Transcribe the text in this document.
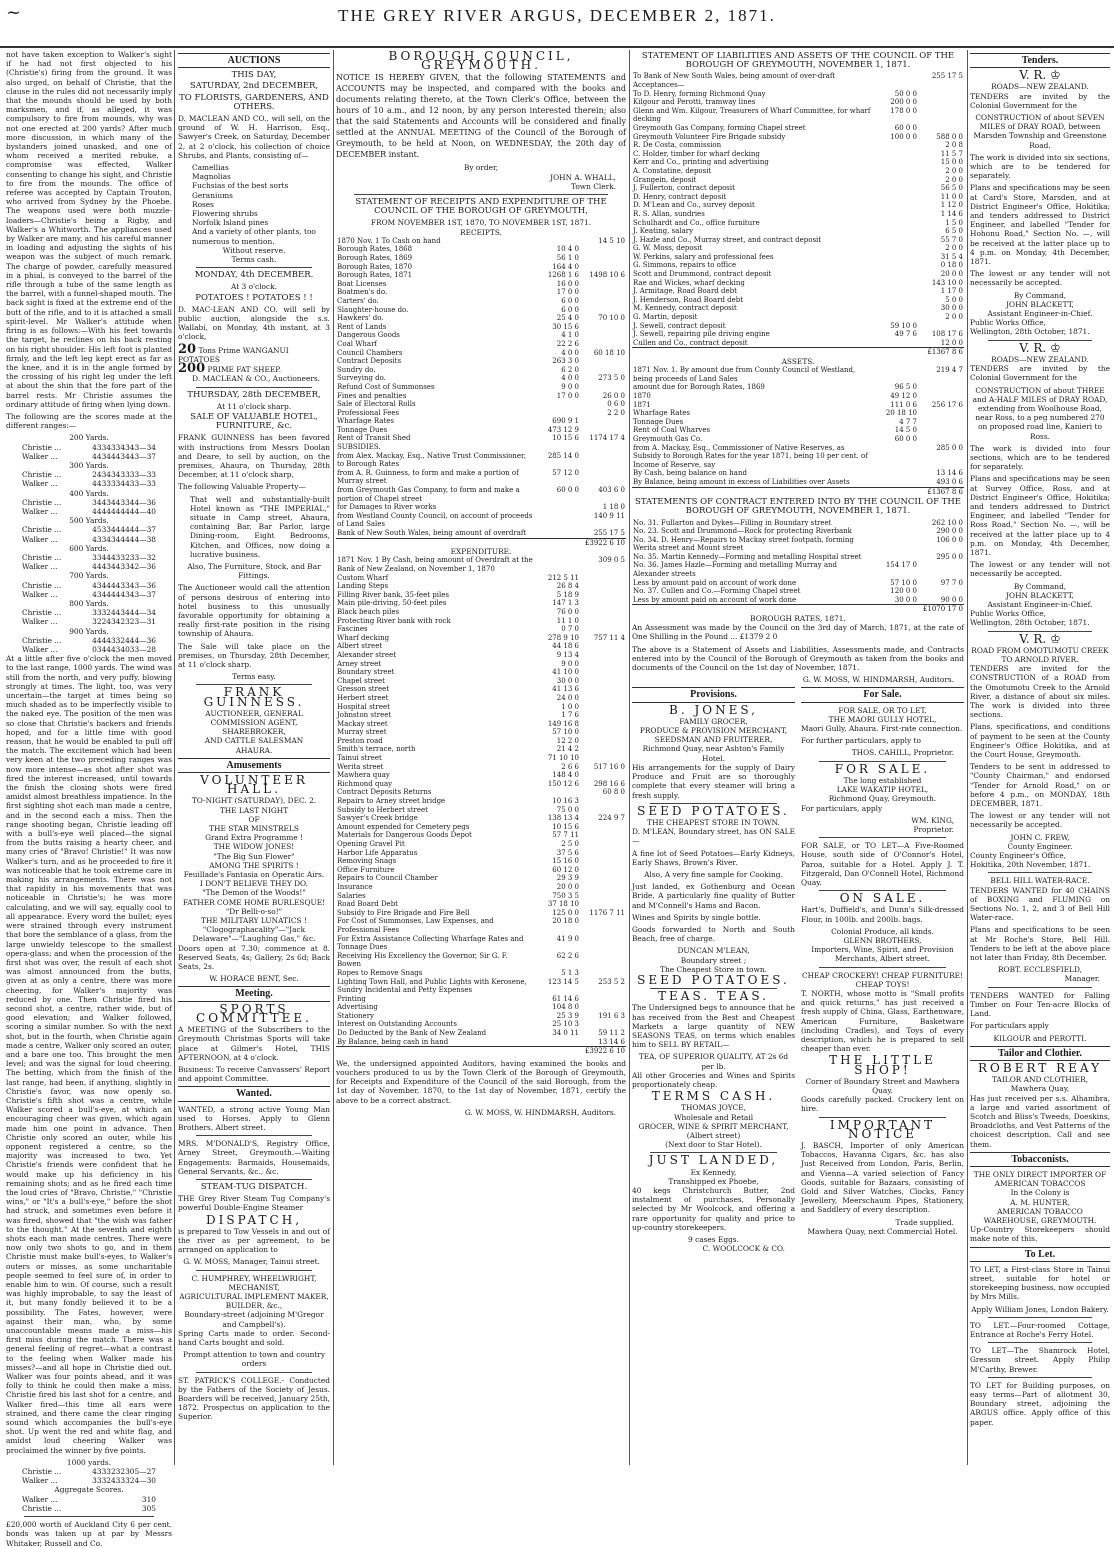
~	THE GREY RIVER ARGUS, DECEMBER 2, 1871.

not have taken exception to Walker's sight if he had not first objected to his (Christie's) firing from the ground. It was also urged, on behalf of Christie, that the clause in the rules did not necessarily imply that the mounds should be used by both marksmen, and if, as alleged, it was compulsory to fire from mounds, why was not one erected at 200 yards? After much more discussion, in which many of the bystanders joined unasked, and one of whom received a merited rebuke, a compromise was effected, Walker consenting to change his sight, and Christie to fire from the mounds. The office of referee was accepted by Captain Trouton, who arrived from Sydney by the Phoebe. The weapons used were both muzzle-loaders—Christie's being a Rigby, and Walker's a Whitworth. The appliances used by Walker are many, and his careful manner in loading and adjusting the sights of his weapon was the subject of much remark. The charge of powder, carefully measured in a phial, is conveyed to the barrel of the rifle through a tube of the same length as the barrel, with a funnel-shaped mouth. The back sight is fixed at the extreme end of the butt of the rifle, and to it is attached a small spirit-level. Mr Walker's attitude when firing is as follows:—With his feet towards the target, he reclines on his back resting on his right shoulder. His left foot is planted firmly, and the left leg kept erect as far as the knee, and it is in the angle formed by the crossing of his right leg under the left at about the shin that the fore part of the barrel rests. Mr Christie assumes the ordinary attitude of firing when lying down.

The following are the scores made at the different ranges:—

200 Yards.
Christie ...	4334334343—34
Walker ...	4434443443—37
300 Yards.
Christie ...	2434343333—33
Walker ...	4433334433—33
400 Yards.
Christie ...	3443443344—36
Walker ...	4444444444—40
500 Yards.
Christie ...	4533444444—37
Walker ...	4334344444—38
600 Yards.
Christie ...	3344433233—32
Walker ...	4443443342—36
700 Yards.
Christie ...	4344443343—36
Walker ...	4344444343—37
800 Yards.
Christie ...	3332443444—34
Walker ...	3224342323—31
900 Yards.
Christie ...	4444332444—36
Walker ...	0344434033—28

At a little after five o'clock the men moved to the last range, 1000 yards. The wind was still from the north, and very puffy, blowing strongly at times. The light, too, was very uncertain—the target at times being so much shaded as to be imperfectly visible to the naked eye. The position of the men was so close that Christie's backers and friends hoped, and for a little time with good reason, that he would be enabled to pull off the match. The excitement which had been very keen at the two preceding ranges was now more intense—as shot after shot was fired the interest increased, until towards the finish the closing shots were fired amidst almost breathless impatience. In the first sighting shot each man made a centre, and in the second each a miss. Then the range shooting began, Christie leading off with a bull's-eye well placed—the signal from the butts raising a hearty cheer, and many cries of "Bravo! Christie!" It was now Walker's turn, and as he proceeded to fire it was noticeable that he took extreme care in making his arrangements. There was not that rapidity in his movements that was noticeable in Christie's; he was more calculating, and we will say, equally cool to all appearance. Every word the bullet; eyes were strained through every instrument that bore the semblance of a glass, from the large unwieldy telescope to the smallest opera-glass; and when the procession of the first shot was over, the result of each shot was almost announced from the butts, given at as only a centre, there was more cheering, for Walker's majority was reduced by one. Then Christie fired his second shot, a centre, rather wide, but of good elevation; and Walker followed, scoring a similar number. So with the next shot, but in the fourth, when Christie again made a centre, Walker only scored an outer, and a bare one too. This brought the men level; and was the signal for loud cheering. The betting, which from the finish of the last range, had been, if anything, slightly in Christie's favor, was now openly so. Christie's fifth shot was a centre, while Walker scored a bull's-eye, at which an encouraging cheer was given, which again made him one point in advance. Then Christie only scored an outer, while his opponent registered a centre, so the majority was increased to two. Yet Christie's friends were confident that he would make up his deficiency in his remaining shots; and as he fired each time the loud cries of "Bravo, Christie," "Christie wins," or "It's a bull's-eye," before the shot had struck, and sometimes even before it was fired, showed that "the wish was father to the thought." At the seventh and eighth shots each man made centres. There were now only two shots to go, and in them Christie must make bull's-eyes, to Walker's outers or misses, as some uncharitable people seemed to feel sure of, in order to enable him to win. Of course, such a result was highly improbable, to say the least of it, but many fondly believed it to be a possibility. The Fates, however, were against their man, who, by some unaccountable means made a miss—his first miss during the match. There was a general feeling of regret—what a contrast to the feeling when Walker made his misses?—and all hope in Christie died out. Walker was four points ahead, and it was folly to think he could then make a miss. Christie fired his last shot for a centre, and Walker fired—this time all ears were strained, and there came the clear ringing sound which accompanies the bull's-eye shot. Up went the red and white flag, and amidst loud cheering Walker was proclaimed the winner by five points.

1000 yards.
Christie ...	4333232305—27
Walker ...	3332433324—30
Aggregate Scores.
Walker ...	310
Christie ...	305

£20,000 worth of Auckland City 6 per cent. bonds was taken up at par by Messrs Whitaker, Russell and Co.

AUCTIONS
THIS DAY,
SATURDAY, 2nd DECEMBER,
TO FLORISTS, GARDENERS, AND OTHERS.

D. MACLEAN AND CO., will sell, on the ground of W. H. Harrison, Esq., Sawyer's Creek, on Saturday, December 2, at 2 o'clock, his collection of choice Shrubs, and Plants, consisting of—

Camellias
Magnolias
Fuchsias of the best sorts
Geraniums
Roses
Flowering shrubs
Norfolk Island pines
And a variety of other plants, too numerous to mention.
Without reserve.
Terms cash.
MONDAY, 4th DECEMBER.
At 3 o'clock.
POTATOES ! POTATOES ! !

D. MAC-LEAN AND CO. will sell by public auction, alongside the s.s. Wallabi, on Monday, 4th instant, at 3 o'clock,

20 Tons Prime WANGANUI POTATOES
200 PRIME FAT SHEEP.
D. MACLEAN & CO., Auctioneers.
THURSDAY, 28th DECEMBER,
At 11 o'clock sharp.
SALE OF VALUABLE HOTEL, FURNITURE, &c.

FRANK GUINNESS has been favored with instructions from Messrs Doolan and Deare, to sell by auction, on the premises, Ahaura, on Thursday, 28th December, at 11 o'clock sharp,

The following Valuable Property—

That well and substantially-built Hotel known as "THE IMPERIAL," situate in Camp street, Ahaura, containing Bar, Bar Parlor, large Dining-room, Eight Bedrooms, Kitchen, and Offices, now doing a lucrative business.

Also, The Furniture, Stock, and Bar Fittings.

The Auctioneer would call the attention of persons desirous of entering into hotel business to this unusually favorable opportunity for obtaining a really first-rate position in the rising township of Ahaura.

The Sale will take place on the premises, on Thursday, 28th December, at 11 o'clock sharp.

Terms easy.
FRANK GUINNESS.
AUCTIONEER, GENERAL COMMISSION AGENT, SHAREBROKER,
AND CATTLE SALESMAN
AHAURA.
Amusements
VOLUNTEER HALL.
TO-NIGHT (SATURDAY), DEC. 2.
THE LAST NIGHT
OF
THE STAR MINSTRELS
Grand Extra Programme !
THE WIDOW JONES!
"The Big Sun Flower"
AMONG THE SPIRITS !
Feuillade's Fantasia on Operatic Airs.
I DON'T BELIEVE THEY DO.
"The Demon of the Woods!"
FATHER COME HOME BURLESQUE!
"Dr Belli-o-so!"
THE MILITARY LUNATICS !
"Clogographacality"—"Jack Delaware"—"Laughing Gas," &c.

Doors open at 7.30; commence at 8. Reserved Seats, 4s; Gallery, 2s 6d; Back Seats, 2s.

W. HORACE BENT, Sec.
Meeting.
SPORTS COMMITTEE.

A MEETING of the Subscribers to the Greymouth Christmas Sports will take place at Gilmer's Hotel, THIS AFTERNOON, at 4 o'clock.

Business: To receive Canvassers' Report and appoint Committee.

Wanted.

WANTED, a strong active Young Man used to Horses. Apply to Glenn Brothers, Albert street.

MRS. M'DONALD'S, Registry Office, Arney Street, Greymouth.—Waiting Engagements: Barmaids, Housemaids, General Servants, &c., &c.

STEAM-TUG DISPATCH.

THE Grey River Steam Tug Company's powerful Double-Engine Steamer

DISPATCH,

is prepared to Tow Vessels in and out of the river as per agreement, to be arranged on application to

G. W. MOSS, Manager, Tainui street.
C. HUMPHREY, WHEELWRIGHT, MECHANIST,
AGRICULTURAL IMPLEMENT MAKER, BUILDER, &c.,
Boundary-street (adjoining M'Gregor and Campbell's).

Spring Carts made to order. Second-hand Carts bought and sold.

Prompt attention to town and country orders

ST. PATRICK'S COLLEGE.- Conducted by the Fathers of the Society of Jesus. Boarders will be received, January 25th, 1872. Prospectus on application to the Superior.

BOROUGH COUNCIL, GREYMOUTH.

NOTICE IS HEREBY GIVEN, that the following STATEMENTS and ACCOUNTS may be inspected, and compared with the books and documents relating thereto, at the Town Clerk's Office, between the hours of 10 a.m., and 12 noon, by any person interested therein; also that the said Statements and Accounts will be considered and finally settled at the ANNUAL MEETING of the Council of the Borough of Greymouth, to be held at Noon, on WEDNESDAY, the 20th day of DECEMBER instant.

By order,
JOHN A. WHALL,
Town Clerk.
STATEMENT OF RECEIPTS AND EXPENDITURE OF THE COUNCIL OF THE BOROUGH OF GREYMOUTH,
FROM NOVEMBER 1ST, 1870, TO NOVEMBER 1ST, 1871.
RECEIPTS.
1870 Nov. 1 To Cash on hand		14 5 10
Borough Rates, 1868	10 4 0	
Borough Rates, 1869	56 1 0	
Borough Rates, 1870	164 4 0	
Borough Rates, 1871	1268 1 6	1498 10 6
Boat Licenses	16 0 0	
Boatmen's do.	17 0 0	
Carters' do.	6 0 0	
Slaughter-house do.	6 0 0	
Hawkers' do.	25 4 0	70 10 0
Rent of Lands	30 15 6	
Dangerous Goods	4 1 0	
Coal Wharf	22 2 6	
Council Chambers	4 0 0	60 18 10
Contract Deposits	263 3 0	
Sundry do.	6 2 0	
Surveying do.	4 0 0	273 5 0
Refund Cost of Summonses	9 0 0	
Fines and penalties	17 0 0	26 0 0
Sale of Electoral Rolls		0 6 0
Professional Fees		2 2 0
Wharfage Rates	690 9 1	
Tonnage Dues	473 12 9	
Rent of Transit Shed	10 15 6	1174 17 4
SUBSIDIES.		
from Alex. Mackay, Esq., Native Trust Commissioner, to Borough Rates	285 14 0	
from A. R. Guinness, to form and make a portion of Murray street	57 12 0	
from Greymouth Gas Company, to form and make a portion of Chapel street	60 0 0	403 6 0
for Damages to River works		1 18 0
from Westland County Council, on account of proceeds of Land Sales		140 9 11
Bank of New South Wales, being amount of overdraft		255 17 5
		£3922 6 10
EXPENDITURE.
1871 Nov. 1 By Cash, being amount of Overdraft at the Bank of New Zealand, on November 1, 1870		309 0 5
Custom Wharf	212 5 11	
Landing Steps	26 8 4	
Filling River bank, 35-feet piles	5 18 9	
Main pile-driving, 50-feet piles	147 1 3	
Black beach piles	76 0 0	
Protecting River bank with rock	11 1 0	
Fascines	0 7 0	
Wharf decking	278 9 10	757 11 4
Albert street	44 18 6	
Alexander street	9 13 4	
Arney street	9 0 0	
Boundary street	41 10 0	
Chapel street	30 0 0	
Gresson street	41 13 6	
Herbert street	24 0 0	
Hospital street	1 0 0	
Johnston street	1 7 6	
Mackay street	149 16 8	
Murray street	57 10 0	
Preston road	12 2 0	
Smith's terrace, north	21 4 2	
Tainui street	71 10 10	
Werita street	2 6 6	517 16 0
Mawhera quay	148 4 0	
Richmond quay	150 12 6	298 16 6
Contract Deposits Returns		60 8 0
Repairs to Arney street bridge	10 16 3	
Subsidy to Herbert street	75 0 0	
Sawyer's Creek bridge	138 13 4	224 9 7
Amount expended for Cemetery pegs	10 15 6	
Materials for Dangerous Goods Depot	57 7 11	
Opening Gravel Pit	2 5 0	
Harbor Life Apparatus	37 5 6	
Removing Snags	15 16 0	
Office Furniture	60 12 0	
Repairs to Council Chamber	29 3 9	
Insurance	20 0 0	
Salaries	750 3 5	
Road Board Debt	37 18 10	
Subsidy to Fire Brigade and Fire Bell	125 0 0	1176 7 11
For Cost of Summonses, Law Expenses, and Professional Fees	20 18 0	
For Extra Assistance Collecting Wharfage Rates and Tonnage Dues	41 9 0	
Receiving His Excellency the Governor, Sir G. F. Bowen	62 2 6	
Ropes to Remove Snags	5 1 3	
Lighting Town Hall, and Public Lights with Kerosene, Sundry Incidental and Petty Expenses	123 14 5	253 5 2
Printing	61 14 6	
Advertising	104 8 0	
Stationery	25 3 9	191 6 3
Interest on Outstanding Accounts	25 10 3	
Do Deducted by the Bank of New Zealand	34 0 11	59 11 2
By Balance, being cash in hand		13 14 6
		£3922 6 10

We, the undersigned appointed Auditors, having examined the books and vouchers produced to us by the Town Clerk of the Borough of Greymouth, for Receipts and Expenditure of the Council of the said Borough, from the 1st day of November, 1870, to the 1st day of November, 1871, certify the above to be a correct abstract.

G. W. MOSS, W. HINDMARSH, Auditors.
STATEMENT OF LIABILITIES AND ASSETS OF THE COUNCIL OF THE BOROUGH OF GREYMOUTH, NOVEMBER 1, 1871.
To Bank of New South Wales, being amount of over-draft		255 17 5
Acceptances—		
To D. Henry, forming Richmond Quay	50 0 0	
Kilgour and Perotti, tramway lines	200 0 0	
Glenn and Wm. Kilgour, Treasurers of Wharf Committee, for wharf decking	178 0 0	
Greymouth Gas Company, forming Chapel street	60 0 0	
Greymouth Volunteer Fire Brigade subsidy	100 0 0	588 0 0
R. De Costa, commission		2 0 8
C. Holder, timber for wharf decking		11 5 7
Kerr and Co., printing and advertising		15 0 0
A. Constatine, deposit		2 0 0
Grangein, deposit		2 0 0
J. Fullerton, contract deposit		56 5 0
D. Henry, contract deposit		11 0 0
D. M'Lean and Co., survey deposit		1 12 0
R. S. Allan, sundries		1 14 6
Schulhardt and Co., office furniture		1 5 0
J. Keating, salary		6 5 0
J. Hazle and Co., Murray street, and contract deposit		55 7 0
G. W. Moss, deposit		2 0 0
W. Perkins, salary and professional fees		31 5 4
G. Simmons, repairs to office		0 18 0
Scott and Drummond, contract deposit		20 0 0
Rae and Wickes, wharf decking		143 10 0
J. Armitage, Road Board debt		1 17 0
J. Henderson, Road Board debt		5 0 0
M. Kennedy, contract deposit		30 0 0
G. Martin, deposit		2 0 0
J. Sewell, contract deposit	59 10 0	
J. Sewell, repairing pile driving engine	49 7 6	108 17 6
Cullen and Co., contract deposit		12 0 0
		£1367 8 6
ASSETS.
1871 Nov. 1. By amount due from County Council of Westland, being proceeds of Land Sales		219 4 7
amount due for Borough Rates, 1869	96 5 0	
1870	49 12 0	
1871	111 0 6	256 17 6
Wharfage Rates	20 18 10	
Tonnage Dues	4 7 7	
Rent of Coal Wharves	14 5 0	
Greymouth Gas Co.	60 0 0	
from A. Mackay, Esq., Commissioner of Native Reserves, as Subsidy to Borough Rates for the year 1871, being 10 per cent. of Income of Reserve, say		285 0 0
By Cash, being balance on hand		13 14 6
By Balance, being amount in excess of Liabilities over Assets		493 0 6
		£1367 8 6
STATEMENTS OF CONTRACT ENTERED INTO BY THE COUNCIL OF THE BOROUGH OF GREYMOUTH, NOVEMBER 1, 1871.
No. 31. Fullarton and Dykes—Filling in Boundary street		262 10 0
No. 23. Scott and Drummond—Rock for protecting Riverbank		290 0 0
No. 34. D. Henry—Repairs to Mackay street footpath, forming Werita street and Mount street		106 0 0
No. 35. Martin Kennedy—Forming and metalling Hospital street		295 0 0
No. 36. James Hazle—Forming and metalling Murray and Alexander streets	154 17 0	
Less by amount paid on account of work done	57 10 0	97 7 0
No. 37. Cullen and Co.—Forming Chapel street	120 0 0	
Less by amount paid on account of work done	30 0 0	90 0 0
		£1070 17 0
BOROUGH RATES, 1871.

An Assessment was made by the Council on the 3rd day of March, 1871, at the rate of One Shilling in the Pound ... £1379 2 0

The above is a Statement of Assets and Liabilities, Assessments made, and Contracts entered into by the Council of the Borough of Greymouth as taken from the books and documents of the Council on the 1st day of November, 1871.

G. W. MOSS, W. HINDMARSH, Auditors.
Provisions.
B. JONES,
FAMILY GROCER,
PRODUCE & PROVISION MERCHANT,
SEEDSMAN AND FRUITERER,
Richmond Quay, near Ashton's Family Hotel.

His arrangements for the supply of Dairy Produce and Fruit are so thoroughly complete that every steamer will bring a fresh supply.

SEED POTATOES.
THE CHEAPEST STORE IN TOWN.

D. M'LEAN, Boundary street, has ON SALE—

A fine lot of Seed Potatoes—Early Kidneys, Early Shaws, Brown's River.

Also, A very fine sample for Cooking.

Just landed, ex Gothenburg and Ocean Bride, A particularly fine quality of Butter and M'Connell's Hams and Bacon.

Wines and Spirits by single bottle.

Goods forwarded to North and South Beach, free of charge.

DUNCAN M'LEAN,
Boundary street ;
The Cheapest Store in town.
SEED POTATOES.
TEAS. TEAS.

The Undersigned begs to announce that he has received from the Best and Cheapest Markets a large quantity of NEW SEASONS TEAS, on terms which enables him to SELL BY RETAIL—

TEA, OF SUPERIOR QUALITY, AT 2s 6d per lb.

All other Groceries and Wines and Spirits proportionately cheap.

TERMS CASH.
THOMAS JOYCE,
Wholesale and Retail
GROCER, WINE & SPIRIT MERCHANT,
(Albert street)
(Next door to Star Hotel).
JUST LANDED,
Ex Kennedy,
Transhipped ex Phoebe,

40 kegs Christchurch Butter, 2nd instalment of purchases, Personally selected by Mr Woolcock, and offering a rare opportunity for quality and price to up-country storekeepers.

9 cases Eggs.
C. WOOLCOCK & CO.
For Sale.
FOR SALE, OR TO LET,
THE MAORI GULLY HOTEL,

Maori Gully, Ahaura. First-rate connection.

For further particulars, apply to

THOS. CAHILL, Proprietor.
FOR SALE.
The long established
LAKE WAKATIP HOTEL,
Richmond Quay, Greymouth.

For particulars, apply

WM. KING,
Proprietor.

FOR SALE, or TO LET—A Five-Roomed House, south side of O'Connor's Hotel, Paroa, suitable for a Hotel. Apply J. T. Fitzgerald, Dan O'Connell Hotel, Richmond Quay.

ON SALE.

Hart's, Duffield's, and Dunn's Silk-dressed Flour, in 100lb. and 200lb. bags.

Colonial Produce, all kinds.
GLENN BROTHERS,
Importers, Wine, Spirit, and Provision Merchants, Albert street.
CHEAP CROCKERY! CHEAP FURNITURE! CHEAP TOYS!

T. NORTH, whose motto is "Small profits and quick returns," has just received a fresh supply of China, Glass, Earthenware, American Furniture, Basketware (including Cradles), and Toys of every description, which he is prepared to sell cheaper than ever.

THE LITTLE SHOP!
Corner of Boundary Street and Mawhera Quay.

Goods carefully packed. Crockery lent on hire.

IMPORTANT NOTICE

J. BASCH, Importer of only American Tobaccos, Havanna Cigars, &c. has also Just Received from London, Paris, Berlin, and Vienna—A varied selection of Fancy Goods, suitable for Bazaars, consisting of Gold and Silver Watches, Clocks, Fancy Jewellery, Meerschaum Pipes, Stationery, and Saddlery of every description.

Trade supplied.
Mawhera Quay, next Commercial Hotel.
Tenders.
V. R. ♔
ROADS—NEW ZEALAND.

TENDERS are invited by the Colonial Government for the

CONSTRUCTION of about SEVEN MILES of DRAY ROAD, between Marsden Township and Greenstone Road.

The work is divided into six sections, which are to be tendered for separately.

Plans and specifications may be seen at Card's Store, Marsden, and at District Engineer's Office, Hokitika; and tenders addressed to District Engineer, and labelled "Tender for Hohonu Road," Section No. —, will be received at the latter place up to 4 p.m. on Monday, 4th December, 1871.

The lowest or any tender will not necessarily be accepted.

By Command,
JOHN BLACKETT,
Assistant Engineer-in-Chief.
Public Works Office,
Wellington, 28th October, 1871.
V. R. ♔
ROADS—NEW ZEALAND.

TENDERS are invited by the Colonial Government for the

CONSTRUCTION of about THREE and A-HALF MILES of DRAY ROAD, extending from Woolhouse Road, near Ross, to a peg numbered 270 on proposed road line, Kanieri to Ross.

The work is divided into four sections, which are to be tendered for separately.

Plans and specifications may be seen at Survey Office, Ross, and at District Engineer's Office, Hokitika; and tenders addressed to District Engineer, and labelled "Tender for Ross Road," Section No. —, will be received at the latter place up to 4 p.m. on Monday, 4th December, 1871.

The lowest or any tender will not necessarily be accepted.

By Command,
JOHN BLACKETT,
Assistant Engineer-in-Chief.
Public Works Office,
Wellington, 28th October, 1871.
V. R. ♔
ROAD FROM OMOTUMOTU CREEK TO ARNOLD RIVER.

TENDERS are invited for the CONSTRUCTION of a ROAD from the Omotumotu Creek to the Arnold River, a distance of about six miles. The work is divided into three sections.

Plans, specifications, and conditions of payment to be seen at the County Engineer's Office Hokitika, and at the Court House, Greymouth.

Tenders to be sent in addressed to "County Chairman," and endorsed "Tender for Arnold Road," on or before 4 p.m., on MONDAY, 18th DECEMBER, 1871.

The lowest or any tender will not necessarily be accepted.

JOHN C. FREW,
County Engineer.
County Engineer's Office,
Hokitika, 20th November, 1871.
BELL HILL WATER-RACE.

TENDERS WANTED for 40 CHAINS of BOXING and FLUMING on Sections No. 1, 2, and 3 of Bell Hill Water-race.

Plans and specifications to be seen at Mr Roche's Store, Bell Hill. Tenders to be left at the above place not later than Friday, 8th December.

ROBT. ECCLESFIELD,
Manager.

TENDERS WANTED for Falling Timber on Four Ten-acre Blocks of Land.

For particulars apply

KILGOUR and PEROTTI.
Tailor and Clothier.
ROBERT REAY
TAILOR AND CLOTHIER,
Mawhera Quay,

Has just received per s.s. Alhambra, a large and varied assortment of Scotch and Bliss's Tweeds, Doeskins, Broadcloths, and Vest Patterns of the choicest description. Call and see them.

Tobacconists.
THE ONLY DIRECT IMPORTER OF AMERICAN TOBACCOS
In the Colony is
A. M. HUNTER,
AMERICAN TOBACCO WAREHOUSE, GREYMOUTH.

Up-Country Storekeepers should make note of this.

To Let.

TO LET, a First-class Store in Tainui street, suitable for hotel or storekeeping business, now occupied by Mrs Mills.

Apply William Jones, London Bakery.

TO LET.—Four-roomed Cottage, Entrance at Roche's Ferry Hotel.

TO LET—The Shamrock Hotel, Gresson street. Apply Philip M'Carthy, Brewer.

TO LET for Building purposes, on easy terms—Part of allotment 30, Boundary street, adjoining the ARGUS office. Apply office of this paper.
